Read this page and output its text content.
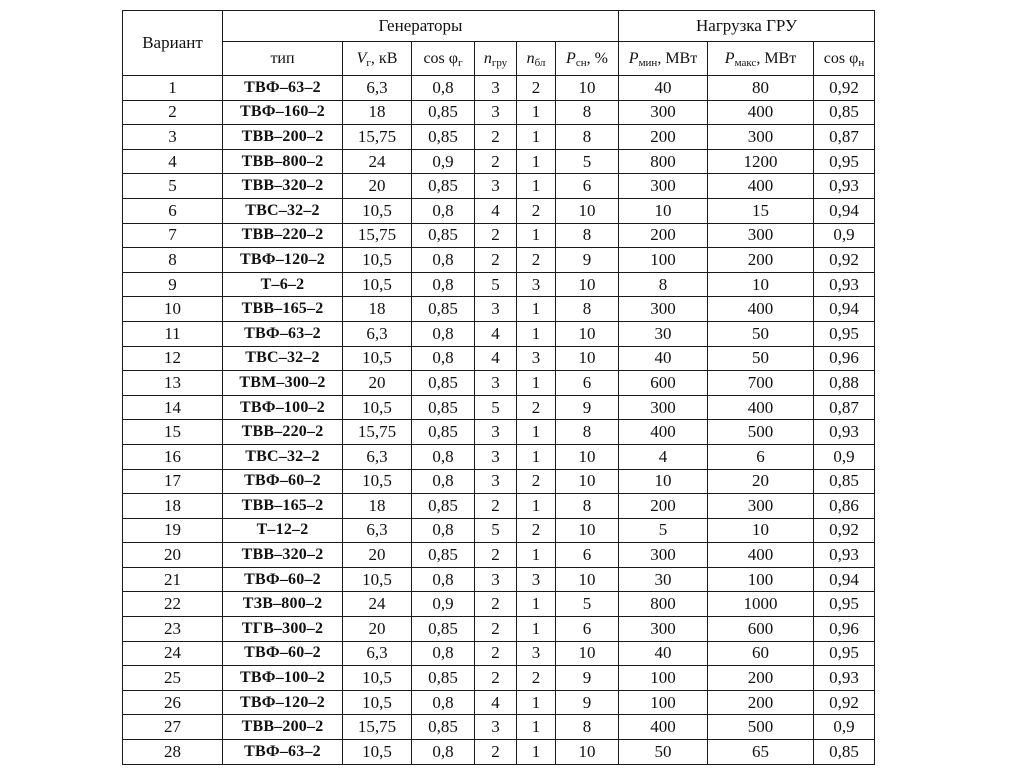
Вариант	Генераторы						Нагрузка ГРУ		
	тип	Vг, кВ	cos φг	nгру	nбл	Pсн, %	Pмин, МВт	Pмакс, МВт	cos φн
1	ТВФ–63–2	6,3	0,8	3	2	10	40	80	0,92
2	ТВФ–160–2	18	0,85	3	1	8	300	400	0,85
3	ТВВ–200–2	15,75	0,85	2	1	8	200	300	0,87
4	ТВВ–800–2	24	0,9	2	1	5	800	1200	0,95
5	ТВВ–320–2	20	0,85	3	1	6	300	400	0,93
6	ТВС–32–2	10,5	0,8	4	2	10	10	15	0,94
7	ТВВ–220–2	15,75	0,85	2	1	8	200	300	0,9
8	ТВФ–120–2	10,5	0,8	2	2	9	100	200	0,92
9	Т–6–2	10,5	0,8	5	3	10	8	10	0,93
10	ТВВ–165–2	18	0,85	3	1	8	300	400	0,94
11	ТВФ–63–2	6,3	0,8	4	1	10	30	50	0,95
12	ТВС–32–2	10,5	0,8	4	3	10	40	50	0,96
13	ТВМ–300–2	20	0,85	3	1	6	600	700	0,88
14	ТВФ–100–2	10,5	0,85	5	2	9	300	400	0,87
15	ТВВ–220–2	15,75	0,85	3	1	8	400	500	0,93
16	ТВС–32–2	6,3	0,8	3	1	10	4	6	0,9
17	ТВФ–60–2	10,5	0,8	3	2	10	10	20	0,85
18	ТВВ–165–2	18	0,85	2	1	8	200	300	0,86
19	Т–12–2	6,3	0,8	5	2	10	5	10	0,92
20	ТВВ–320–2	20	0,85	2	1	6	300	400	0,93
21	ТВФ–60–2	10,5	0,8	3	3	10	30	100	0,94
22	ТЗВ–800–2	24	0,9	2	1	5	800	1000	0,95
23	ТГВ–300–2	20	0,85	2	1	6	300	600	0,96
24	ТВФ–60–2	6,3	0,8	2	3	10	40	60	0,95
25	ТВФ–100–2	10,5	0,85	2	2	9	100	200	0,93
26	ТВФ–120–2	10,5	0,8	4	1	9	100	200	0,92
27	ТВВ–200–2	15,75	0,85	3	1	8	400	500	0,9
28	ТВФ–63–2	10,5	0,8	2	1	10	50	65	0,85
